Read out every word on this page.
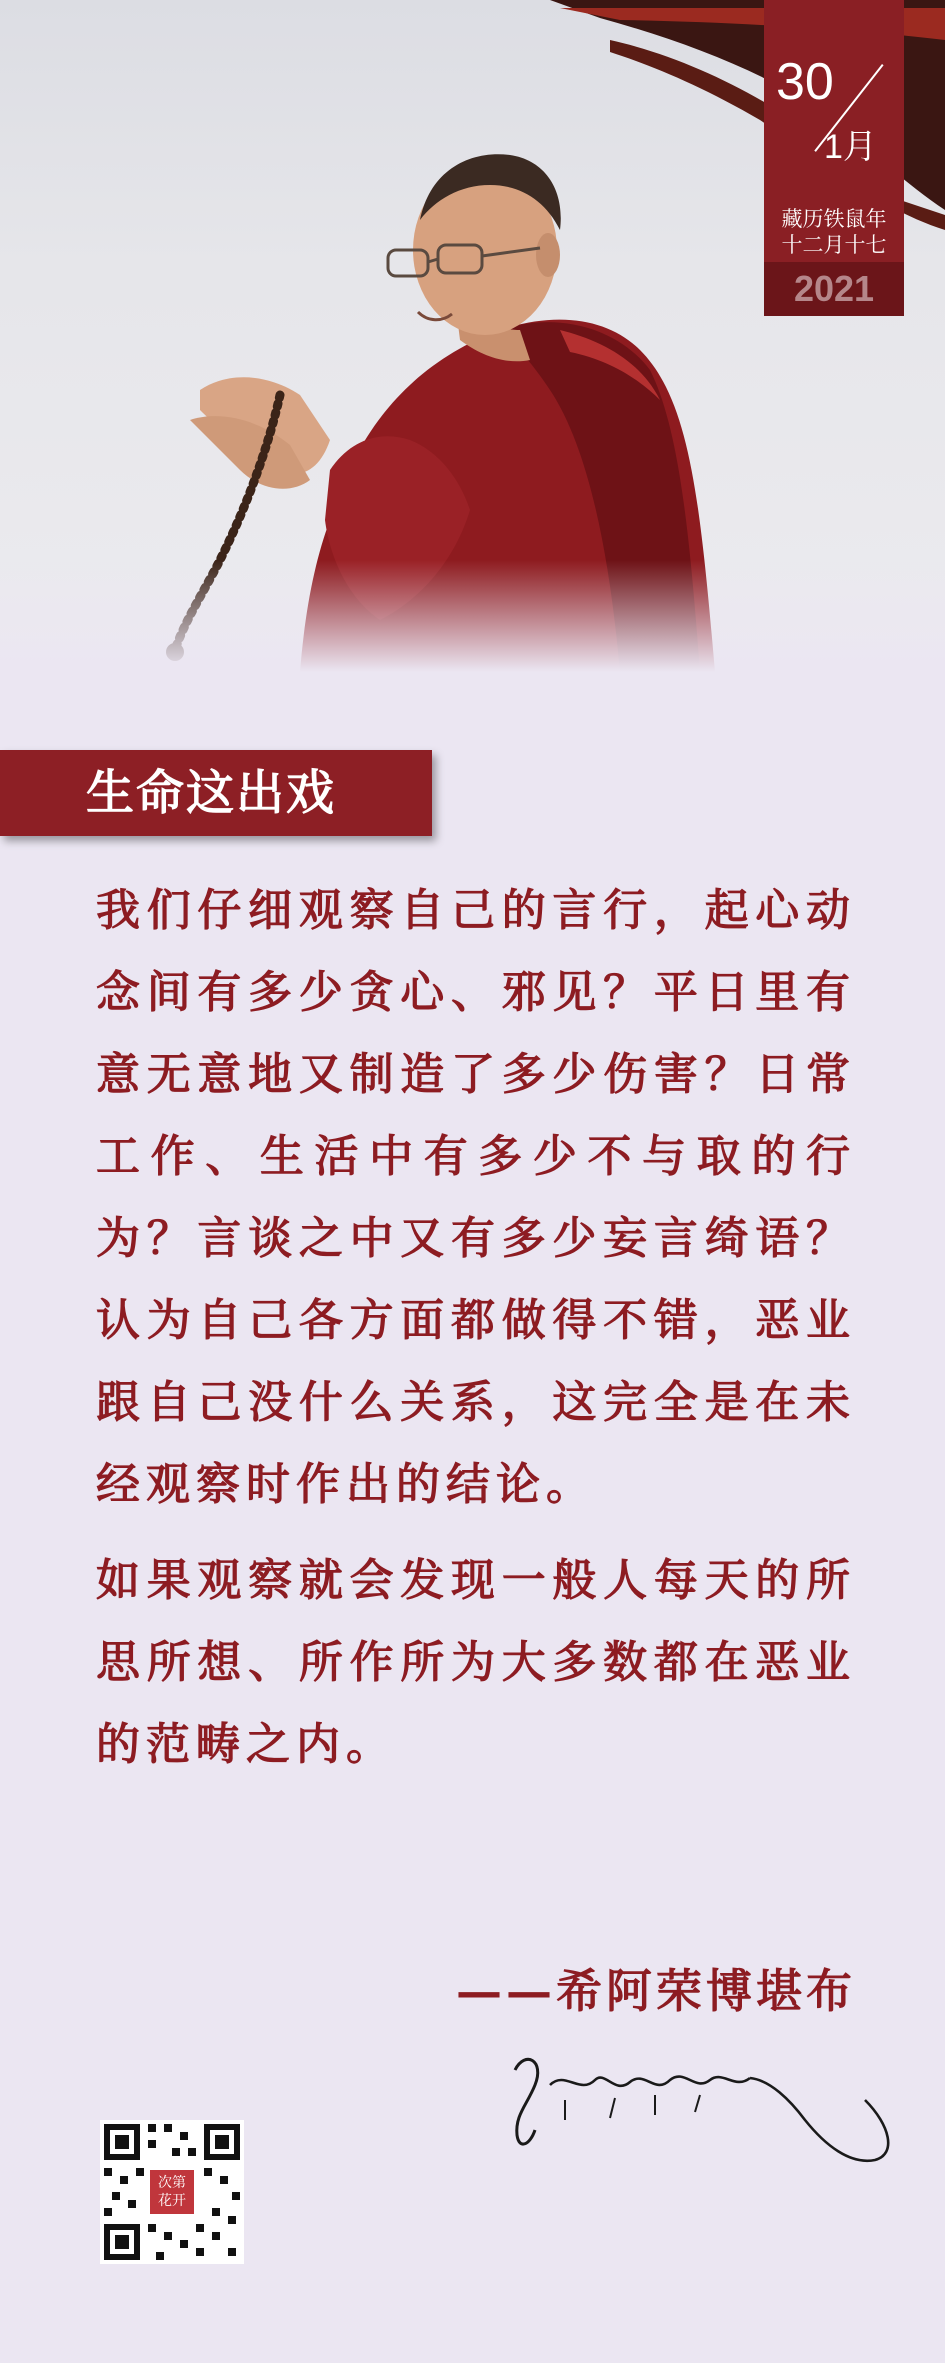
30
1月
藏历铁鼠年
十二月十七
2021
生命这出戏

我们仔细观察自己的言行，起心动念间有多少贪心、邪见？平日里有意无意地又制造了多少伤害？日常工作、生活中有多少不与取的行为？言谈之中又有多少妄言绮语？认为自己各方面都做得不错，恶业跟自己没什么关系，这完全是在未经观察时作出的结论。

如果观察就会发现一般人每天的所思所想、所作所为大多数都在恶业的范畴之内。

——希阿荣博堪布
次第花开
